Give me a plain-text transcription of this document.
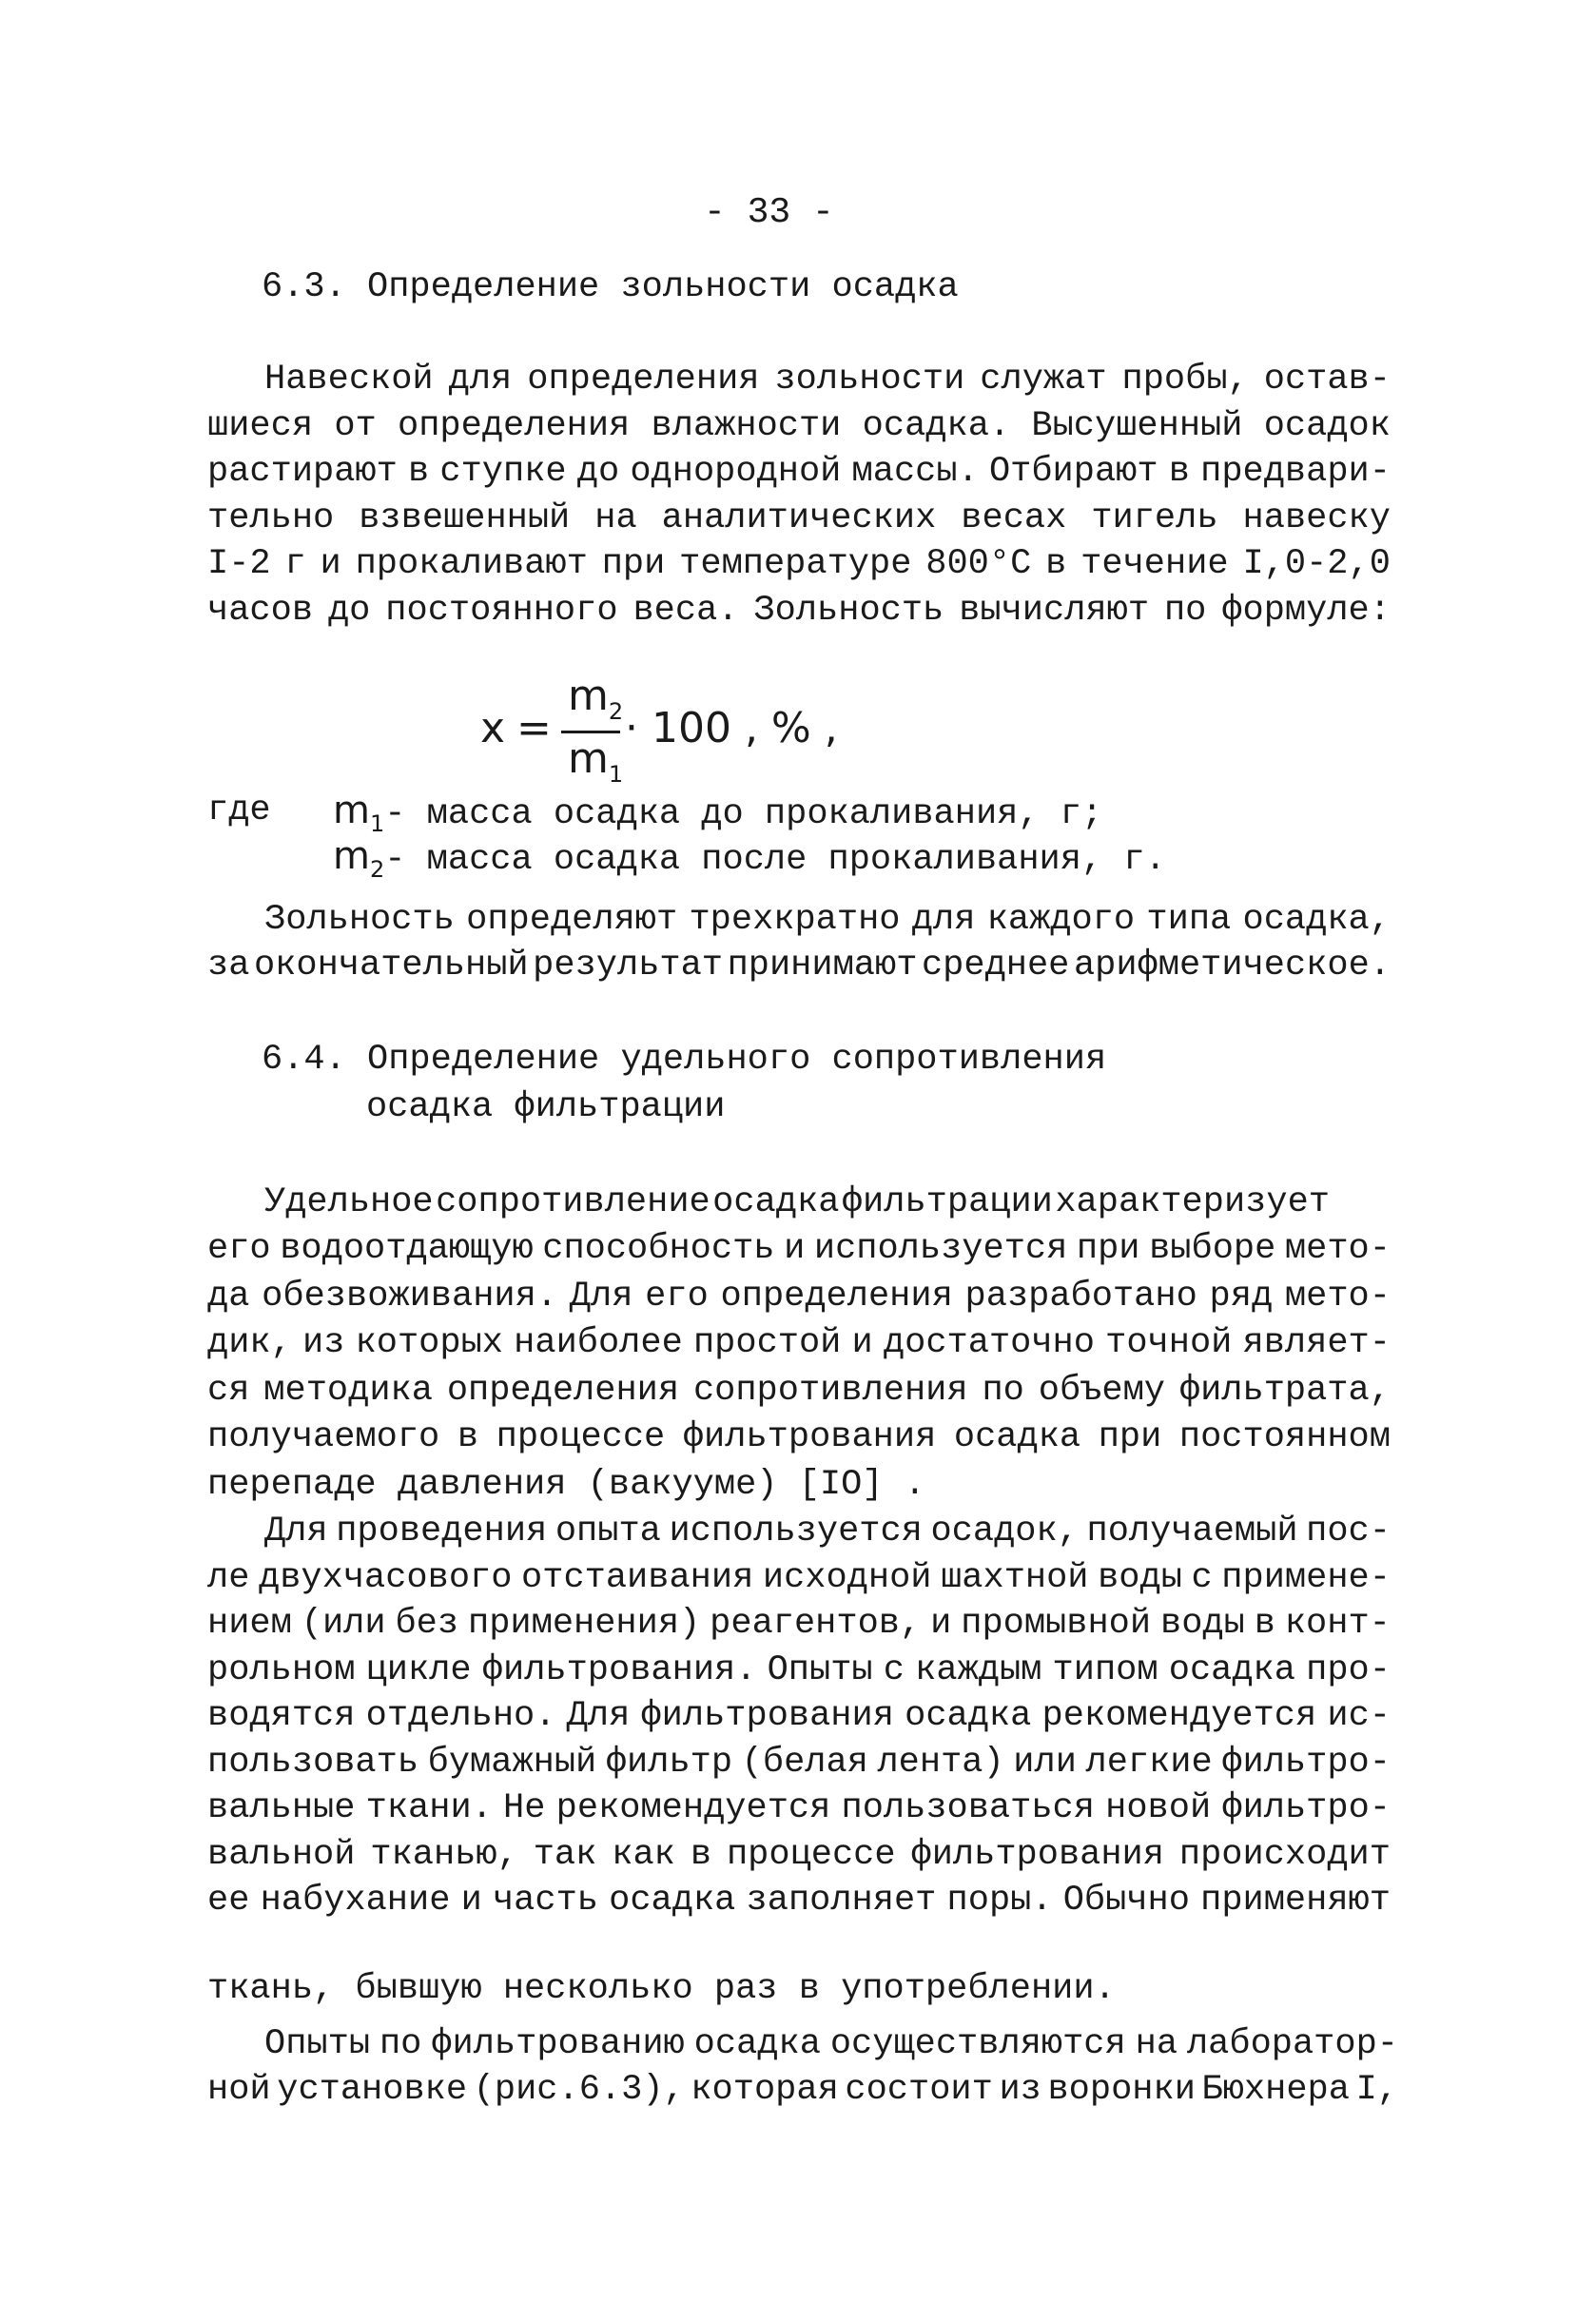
- 33 -
6.3. Определение зольности осадка
Навеской для определения зольности служат пробы, остав-
шиеся от определения влажности осадка. Высушенный осадок
растирают в ступке до однородной массы. Отбирают в предвари-
тельно взвешенный на аналитических весах тигель навеску
I-2 г и прокаливают при температуре 800°С в течение I,0-2,0
часов до постоянного веса. Зольность вычисляют по формуле:
x =
$m_2$
$m_1$
· 100 , % ,
где $m_1-$ масса осадка до прокаливания, г;
$m_2-$ масса осадка после прокаливания, г.
Зольность определяют трехкратно для каждого типа осадка,
за окончательный результат принимают среднее арифметическое.
6.4. Определение удельного сопротивления
осадка фильтрации
Удельное сопротивление осадка фильтрации характеризует
его водоотдающую способность и используется при выборе мето-
да обезвоживания. Для его определения разработано ряд мето-
дик, из которых наиболее простой и достаточно точной являет-
ся методика определения сопротивления по объему фильтрата,
получаемого в процессе фильтрования осадка при постоянном
перепаде давления (вакууме) [IO] .
Для проведения опыта используется осадок, получаемый пос-
ле двухчасового отстаивания исходной шахтной воды с примене-
нием (или без применения) реагентов, и промывной воды в конт-
рольном цикле фильтрования. Опыты с каждым типом осадка про-
водятся отдельно. Для фильтрования осадка рекомендуется ис-
пользовать бумажный фильтр (белая лента) или легкие фильтро-
вальные ткани. Не рекомендуется пользоваться новой фильтро-
вальной тканью, так как в процессе фильтрования происходит
ее набухание и часть осадка заполняет поры. Обычно применяют
ткань, бывшую несколько раз в употреблении.
Опыты по фильтрованию осадка осуществляются на лаборатор-
ной установке (рис.6.3), которая состоит из воронки Бюхнера I,
